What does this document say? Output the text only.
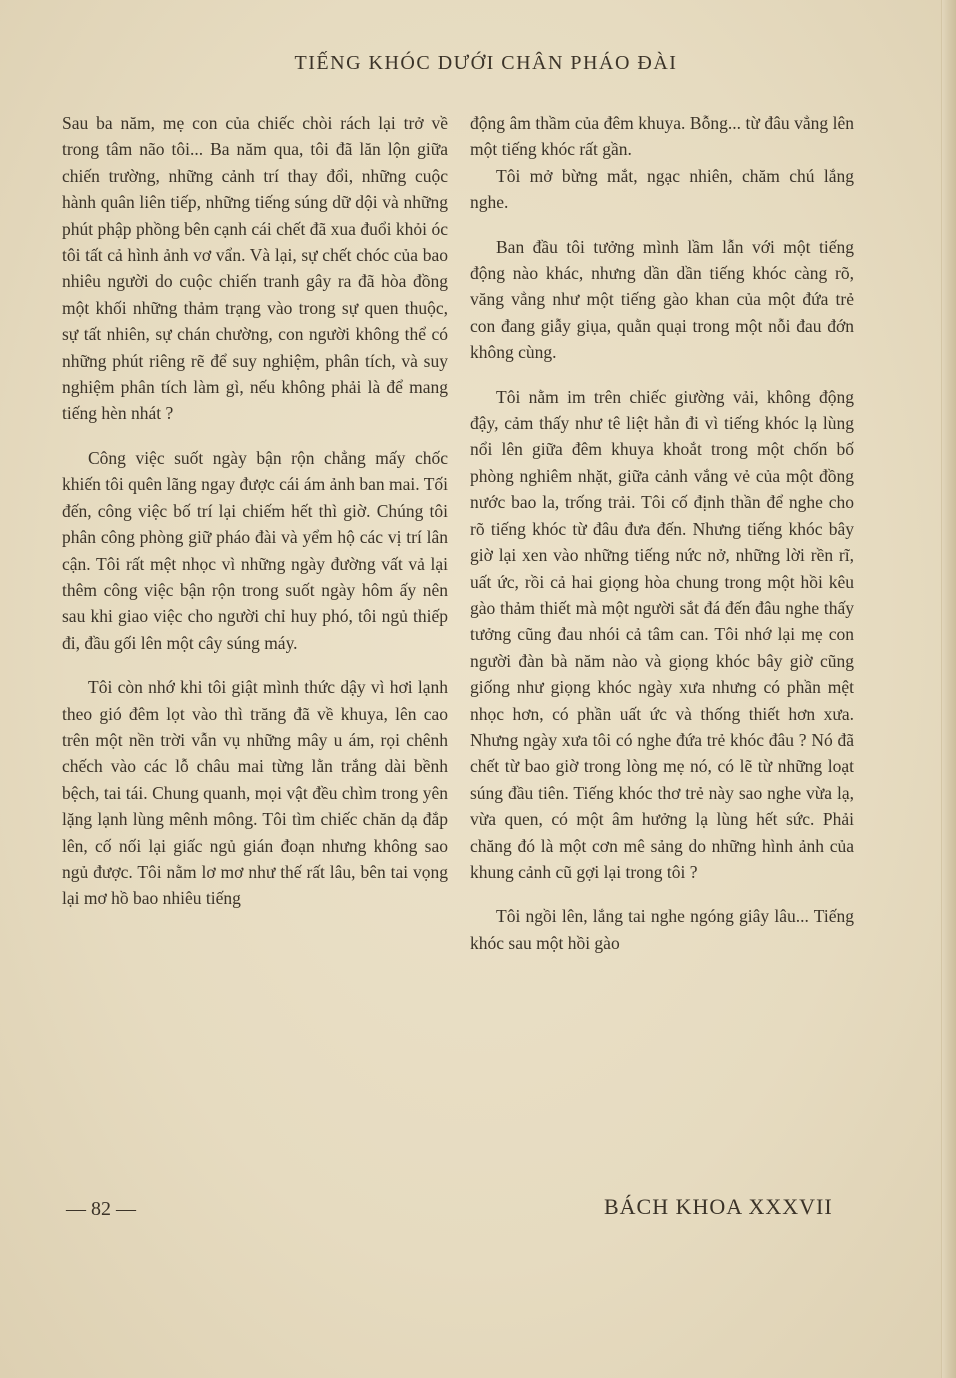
TIẾNG KHÓC DƯỚI CHÂN PHÁO ĐÀI

Sau ba năm, mẹ con của chiếc chòi rách lại trở về trong tâm não tôi... Ba năm qua, tôi đã lăn lộn giữa chiến trường, những cảnh trí thay đổi, những cuộc hành quân liên tiếp, những tiếng súng dữ dội và những phút phập phồng bên cạnh cái chết đã xua đuổi khỏi óc tôi tất cả hình ảnh vơ vẩn. Và lại, sự chết chóc của bao nhiêu người do cuộc chiến tranh gây ra đã hòa đồng một khối những thảm trạng vào trong sự quen thuộc, sự tất nhiên, sự chán chường, con người không thể có những phút riêng rẽ để suy nghiệm, phân tích, và suy nghiệm phân tích làm gì, nếu không phải là để mang tiếng hèn nhát ?

Công việc suốt ngày bận rộn chẳng mấy chốc khiến tôi quên lãng ngay được cái ám ảnh ban mai. Tối đến, công việc bố trí lại chiếm hết thì giờ. Chúng tôi phân công phòng giữ pháo đài và yểm hộ các vị trí lân cận. Tôi rất mệt nhọc vì những ngày đường vất vả lại thêm công việc bận rộn trong suốt ngày hôm ấy nên sau khi giao việc cho người chỉ huy phó, tôi ngủ thiếp đi, đầu gối lên một cây súng máy.

Tôi còn nhớ khi tôi giật mình thức dậy vì hơi lạnh theo gió đêm lọt vào thì trăng đã về khuya, lên cao trên một nền trời vẫn vụ những mây u ám, rọi chênh chếch vào các lỗ châu mai từng lằn trắng dài bềnh bệch, tai tái. Chung quanh, mọi vật đều chìm trong yên lặng lạnh lùng mênh mông. Tôi tìm chiếc chăn dạ đắp lên, cố nối lại giấc ngủ gián đoạn nhưng không sao ngủ được. Tôi nằm lơ mơ như thế rất lâu, bên tai vọng lại mơ hồ bao nhiêu tiếng

động âm thầm của đêm khuya. Bỗng... từ đâu vẳng lên một tiếng khóc rất gần.

Tôi mở bừng mắt, ngạc nhiên, chăm chú lắng nghe.

Ban đầu tôi tưởng mình lầm lẫn với một tiếng động nào khác, nhưng dần dần tiếng khóc càng rõ, văng vẳng như một tiếng gào khan của một đứa trẻ con đang giẫy giụa, quằn quại trong một nỗi đau đớn không cùng.

Tôi nằm im trên chiếc giường vải, không động đậy, cảm thấy như tê liệt hẳn đi vì tiếng khóc lạ lùng nổi lên giữa đêm khuya khoắt trong một chốn bố phòng nghiêm nhặt, giữa cảnh vắng vẻ của một đồng nước bao la, trống trải. Tôi cố định thần để nghe cho rõ tiếng khóc từ đâu đưa đến. Nhưng tiếng khóc bây giờ lại xen vào những tiếng nức nở, những lời rền rĩ, uất ức, rồi cả hai giọng hòa chung trong một hồi kêu gào thảm thiết mà một người sắt đá đến đâu nghe thấy tưởng cũng đau nhói cả tâm can. Tôi nhớ lại mẹ con người đàn bà năm nào và giọng khóc bây giờ cũng giống như giọng khóc ngày xưa nhưng có phần mệt nhọc hơn, có phần uất ức và thống thiết hơn xưa. Nhưng ngày xưa tôi có nghe đứa trẻ khóc đâu ? Nó đã chết từ bao giờ trong lòng mẹ nó, có lẽ từ những loạt súng đầu tiên. Tiếng khóc thơ trẻ này sao nghe vừa lạ, vừa quen, có một âm hưởng lạ lùng hết sức. Phải chăng đó là một cơn mê sảng do những hình ảnh của khung cảnh cũ gợi lại trong tôi ?

Tôi ngồi lên, lắng tai nghe ngóng giây lâu... Tiếng khóc sau một hồi gào

— 82 —	BÁCH KHOA XXXVII
